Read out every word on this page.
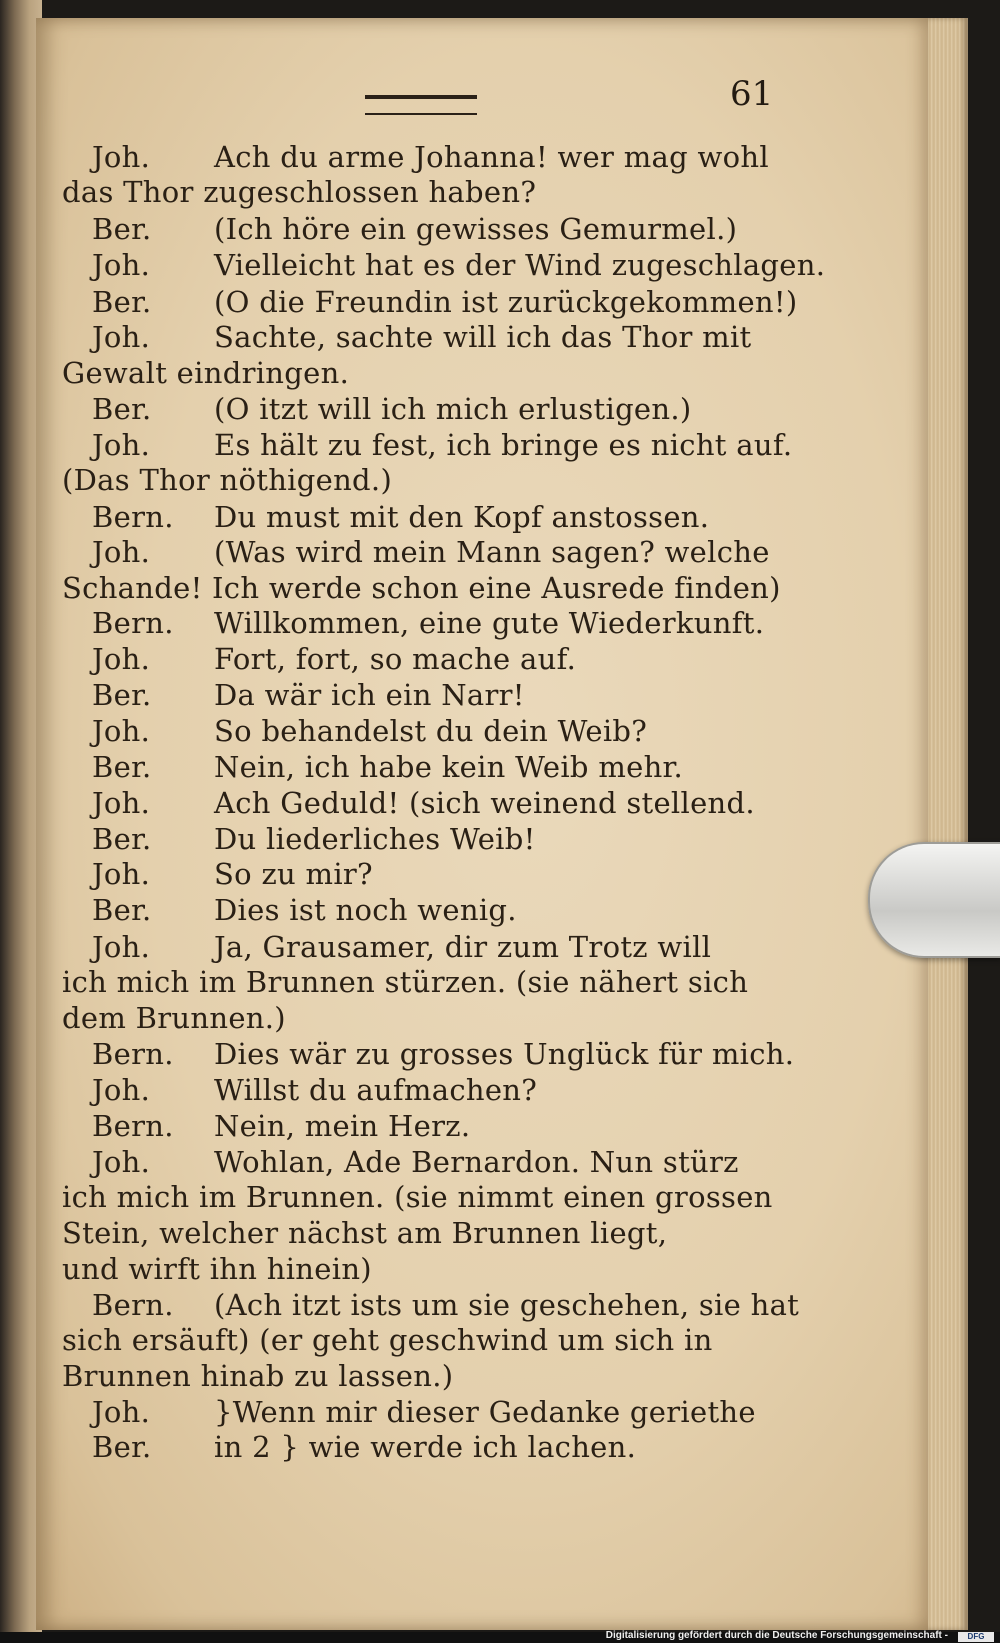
61
Joh. Ach du arme Johanna! wer mag wohl
das Thor zugeschlossen haben?
Ber. (Ich höre ein gewisses Gemurmel.)
Joh. Vielleicht hat es der Wind zugeschlagen.
Ber. (O die Freundin ist zurückgekommen!)
Joh. Sachte, sachte will ich das Thor mit
Gewalt eindringen.
Ber. (O itzt will ich mich erlustigen.)
Joh. Es hält zu fest, ich bringe es nicht auf.
(Das Thor nöthigend.)
Bern. Du must mit den Kopf anstossen.
Joh. (Was wird mein Mann sagen? welche
Schande! Ich werde schon eine Ausrede finden)
Bern. Willkommen, eine gute Wiederkunft.
Joh. Fort, fort, so mache auf.
Ber. Da wär ich ein Narr!
Joh. So behandelst du dein Weib?
Ber. Nein, ich habe kein Weib mehr.
Joh. Ach Geduld! (sich weinend stellend.
Ber. Du liederliches Weib!
Joh. So zu mir?
Ber. Dies ist noch wenig.
Joh. Ja, Grausamer, dir zum Trotz will
ich mich im Brunnen stürzen. (sie nähert sich
dem Brunnen.)
Bern. Dies wär zu grosses Unglück für mich.
Joh. Willst du aufmachen?
Bern. Nein, mein Herz.
Joh. Wohlan, Ade Bernardon. Nun stürz
ich mich im Brunnen. (sie nimmt einen grossen
Stein, welcher nächst am Brunnen liegt,
und wirft ihn hinein)
Bern. (Ach itzt ists um sie geschehen, sie hat
sich ersäuft) (er geht geschwind um sich in
Brunnen hinab zu lassen.)
Joh. }Wenn mir dieser Gedanke geriethe
Ber. in 2 } wie werde ich lachen.
Digitalisierung gefördert durch die Deutsche Forschungsgemeinschaft -	DFG
